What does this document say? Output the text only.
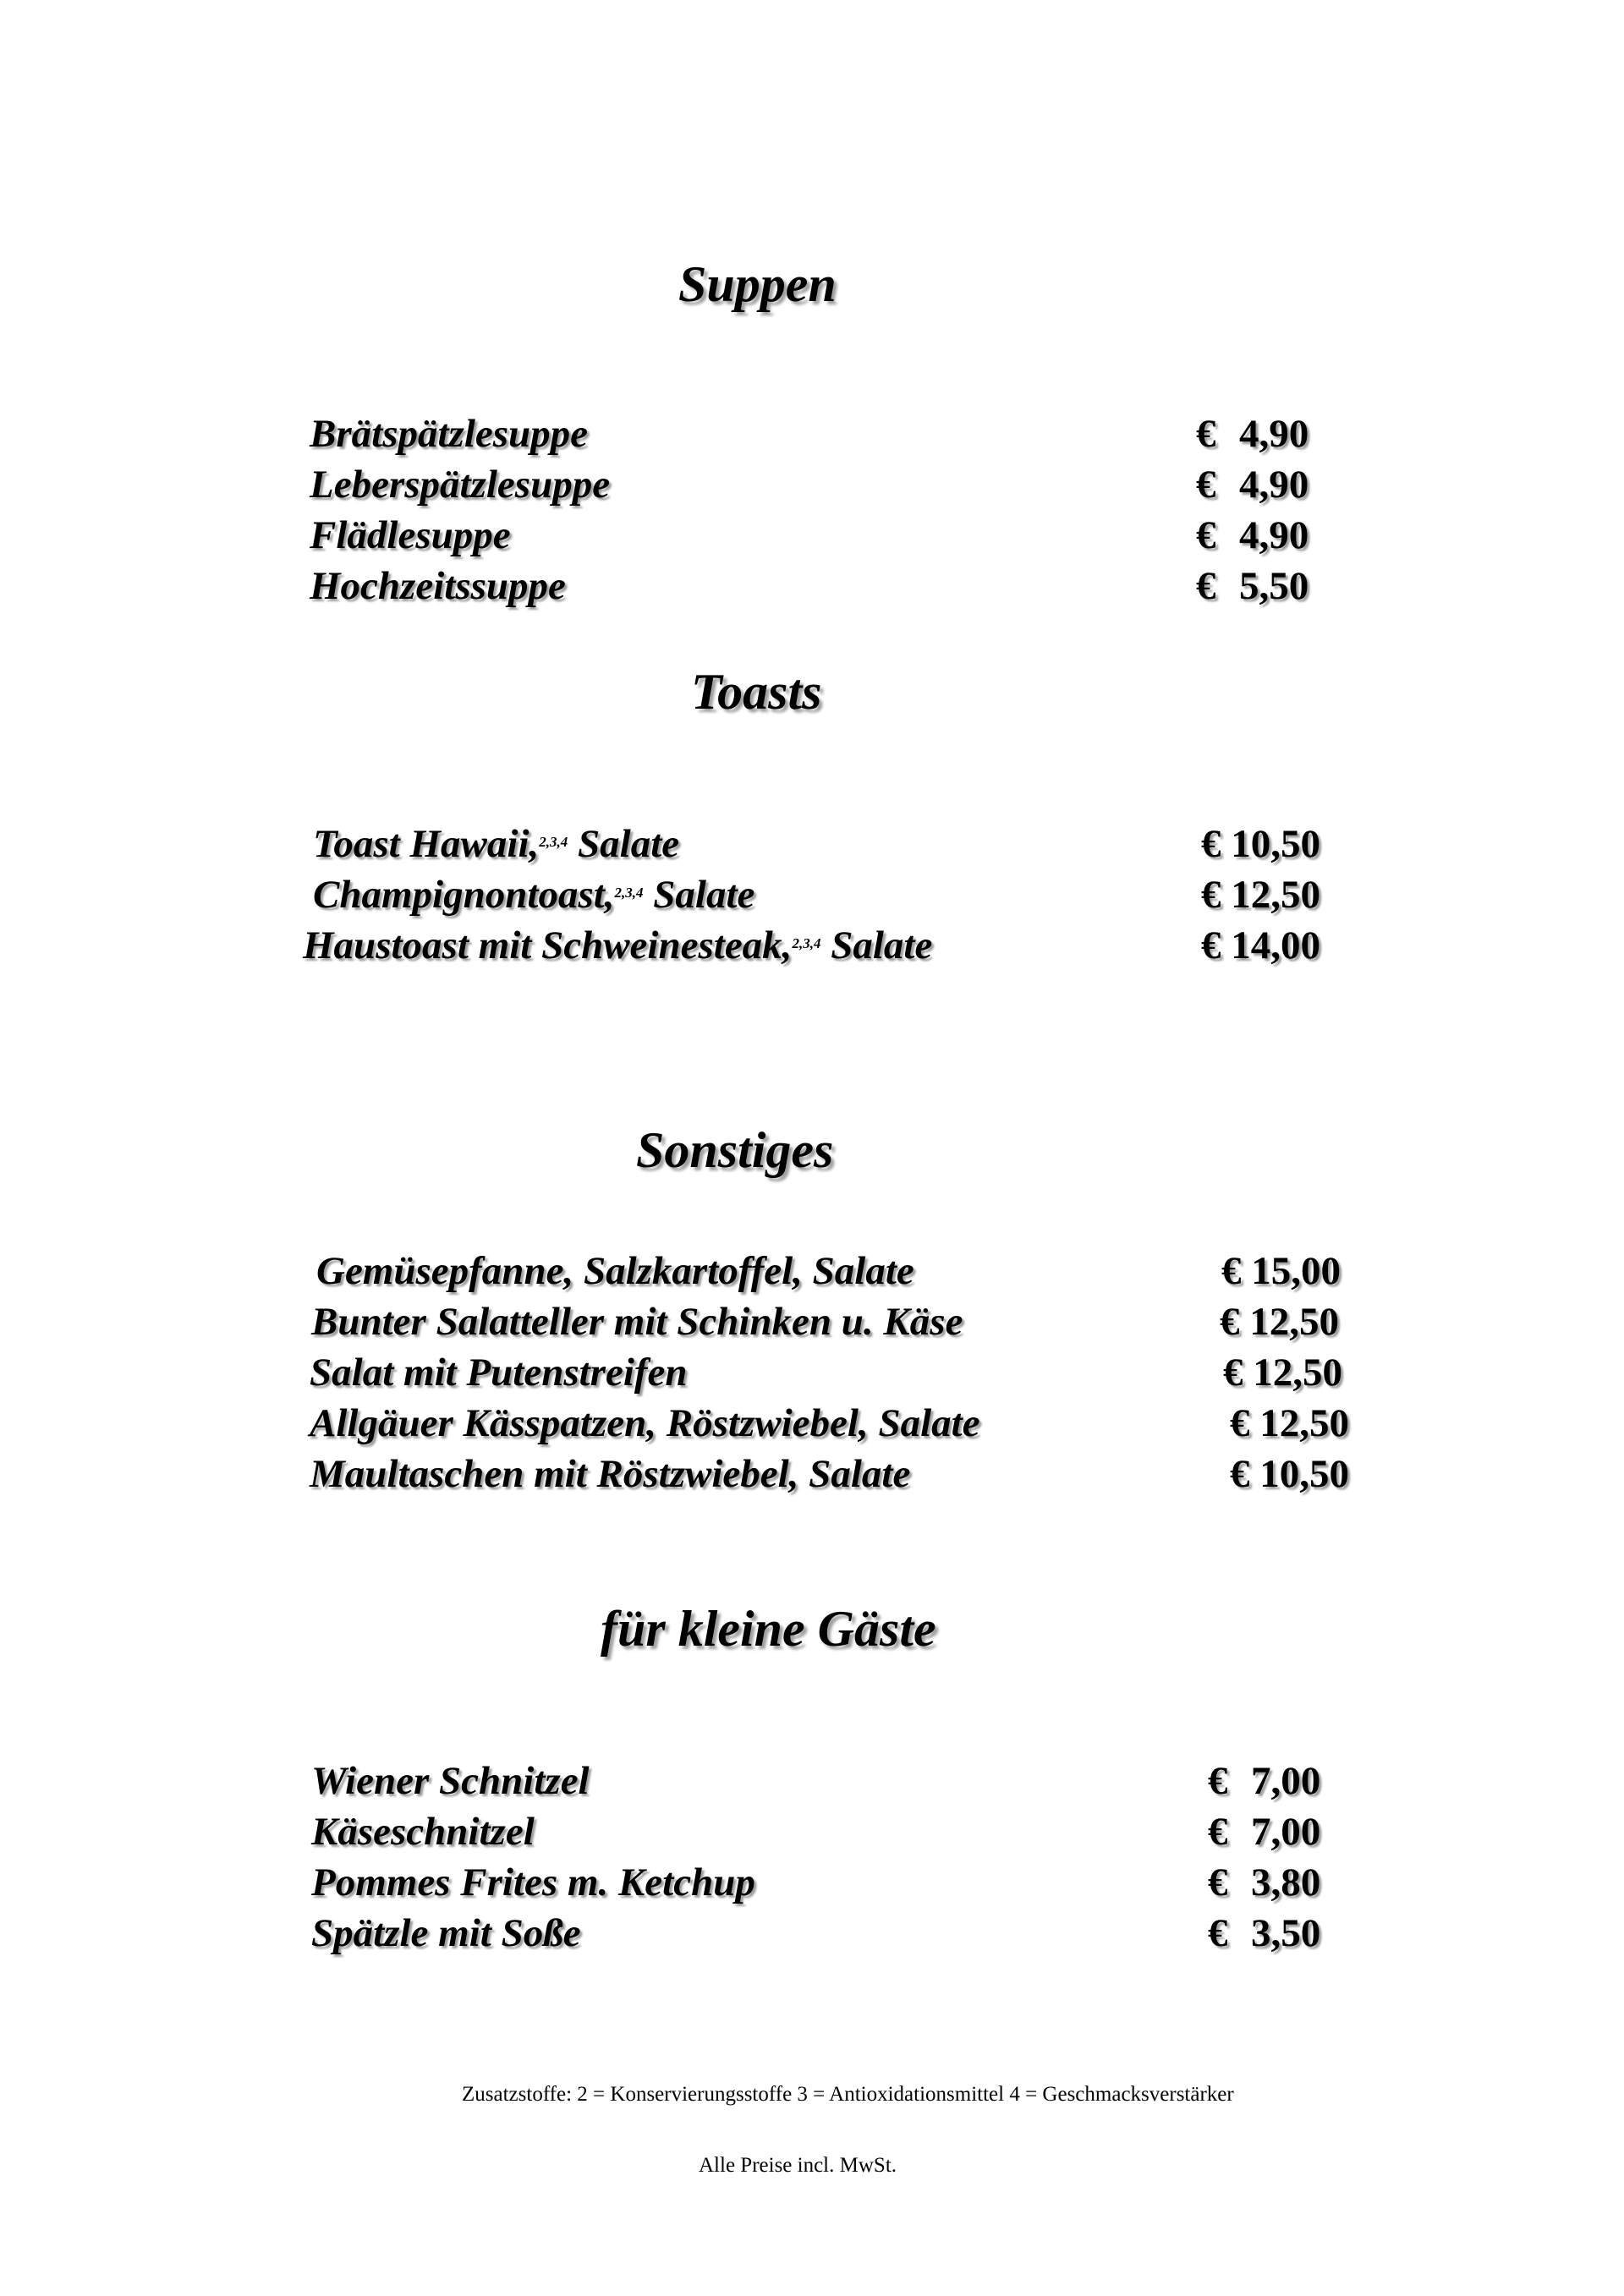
Suppen
Brätspätzlesuppe	€ 4,90
Leberspätzlesuppe	€ 4,90
Flädlesuppe	€ 4,90
Hochzeitssuppe	€ 5,50
Toasts
Toast Hawaii,$^{2,3,4}$ Salate	€ 10,50
Champignontoast,$^{2,3,4}$ Salate	€ 12,50
Haustoast mit Schweinesteak,$^{2,3,4}$ Salate	€ 14,00
Sonstiges
Gemüsepfanne, Salzkartoffel, Salate	€ 15,00
Bunter Salatteller mit Schinken u. Käse	€ 12,50
Salat mit Putenstreifen	€ 12,50
Allgäuer Kässpatzen, Röstzwiebel, Salate	€ 12,50
Maultaschen mit Röstzwiebel, Salate	€ 10,50
für kleine Gäste
Wiener Schnitzel	€ 7,00
Käseschnitzel	€ 7,00
Pommes Frites m. Ketchup	€ 3,80
Spätzle mit Soße	€ 3,50
Zusatzstoffe: 2 = Konservierungsstoffe 3 = Antioxidationsmittel 4 = Geschmacksverstärker
Alle Preise incl. MwSt.
